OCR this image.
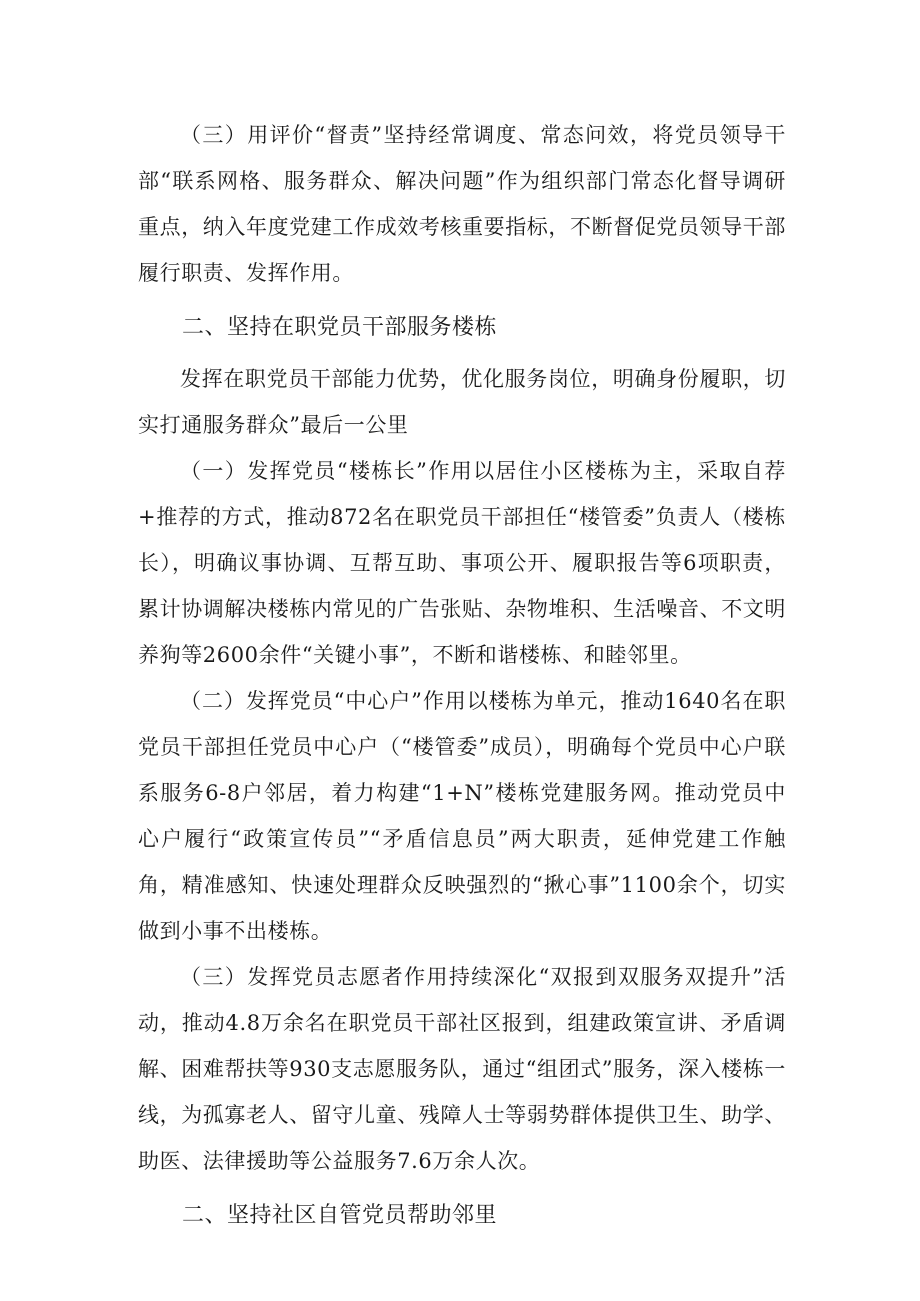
（三）用评价“督责”坚持经常调度、常态问效，将党员领导干部“联系网格、服务群众、解决问题”作为组织部门常态化督导调研重点，纳入年度党建工作成效考核重要指标，不断督促党员领导干部履行职责、发挥作用。

二、坚持在职党员干部服务楼栋

发挥在职党员干部能力优势，优化服务岗位，明确身份履职，切实打通服务群众”最后一公里

（一）发挥党员“楼栋长”作用以居住小区楼栋为主，采取自荐+推荐的方式，推动872名在职党员干部担任“楼管委”负责人（楼栋长），明确议事协调、互帮互助、事项公开、履职报告等6项职责，累计协调解决楼栋内常见的广告张贴、杂物堆积、生活噪音、不文明养狗等2600余件“关键小事”，不断和谐楼栋、和睦邻里。

（二）发挥党员“中心户”作用以楼栋为单元，推动1640名在职党员干部担任党员中心户（“楼管委”成员），明确每个党员中心户联系服务6-8户邻居，着力构建“1+N”楼栋党建服务网。推动党员中心户履行“政策宣传员”“矛盾信息员”两大职责，延伸党建工作触角，精准感知、快速处理群众反映强烈的“揪心事”1100余个，切实做到小事不出楼栋。

（三）发挥党员志愿者作用持续深化“双报到双服务双提升”活动，推动4.8万余名在职党员干部社区报到，组建政策宣讲、矛盾调解、困难帮扶等930支志愿服务队，通过“组团式”服务，深入楼栋一线，为孤寡老人、留守儿童、残障人士等弱势群体提供卫生、助学、助医、法律援助等公益服务7.6万余人次。

二、坚持社区自管党员帮助邻里
